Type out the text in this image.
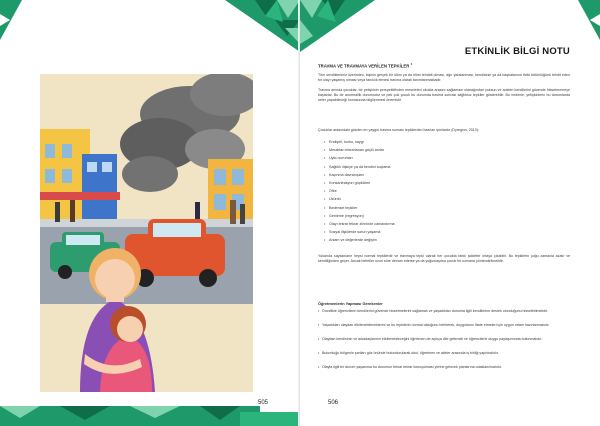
505	506
ETKİNLİK BİLGİ NOTU
TRAVMA VE TRAVMAYA VERİLEN TEPKİLER $^1$

Tüm sevdiklerimiz üzerinden, kişinin gerçek bir ölüm ya da ölüm tehdidi olması, ağır yaralanması, kendisinin ya da başkalarının fiziki bütünlüğünü tehdit eden bir olayı yaşamış olması veya tanıklık etmesi travma olarak tanımlanmaktadır.

Travma anında çocuklar, bir yetişkinin perspektifinden meseleleri okulda arasını sağlaması olanağından yoksun ve aniden kendilerini güvende hissetmemeye başlarlar. Bu bir anormallik durumudur ve pek çok çocuk bu durumda travma sonrası sağlıksız tepkiler gösterebilir. Bu nedenle, yetişkinlerin bu durumlarda neler yapabileceği konusunda bilgilenmesi önemlidir.

Çocuklar arasındaki gözden en yaygın travma sonrası tepkilerden bazıları şunlardır (Dyregrov, 2010):

• Endişeli, korku, kaygı
• Meraktan tekrarlanan güçlü anılar
• Uyku sorunları
• Sağlıklı ilişkiye ya da kendini suçlama
• Kaçınma davranışları
• Konsantrasyon güçlükleri
• Öfke
• Üzüntü
• Bedensel tepkiler
• Gerileme (regresyon)
• Olayı tekrar tekrar zihninde canlandırma
• Sosyal ilişkilerde sorun yaşama
• Anlam ve değerlerde değişim

Yukarıda sayılanların hepsi normal tepkilerdir ve travmaya tepki olarak her çocukta farklı şiddette ortaya çıkabilir. Bu tepkilerin çoğu zamanla azalır ve kendiliğinden geçer. Ancak belirtiler uzun süre devam ederse ya da yoğunlaşırsa çocuk bir uzmana yönlendirilmelidir.

Öğretmenlerin Yapması Gerekenler

• Öncelikle öğrencilerin kendilerini güvende hissetmelerini sağlamalı ve yaşadıkları durumla ilgili kendilerine destek olunduğunu hissettirilmelidir.

• Yaşadıkları olaydan etkilenebileceklerini ve bu tepkilerin normal olduğunu belirterek, duygularını ifade etmeleri için uygun ortam hazırlanmalıdır.

• Olaydan kendisinin ve arkadaşlarının etkilenebileceğini öğretmen de açıkça dile getirmeli ve öğrencilerle duygu paylaşımında bulunmalıdır.

• Bulunduğu bölgenin şartları göz önünde bulundurularak okul, öğretmen ve aileler arasında iş birliği yapılmalıdır.

• Olayla ilgili bir durum yaşanırsa bu durumun tekrar tekrar konuşulması yerine gelecek planlarına odaklanılmalıdır.
